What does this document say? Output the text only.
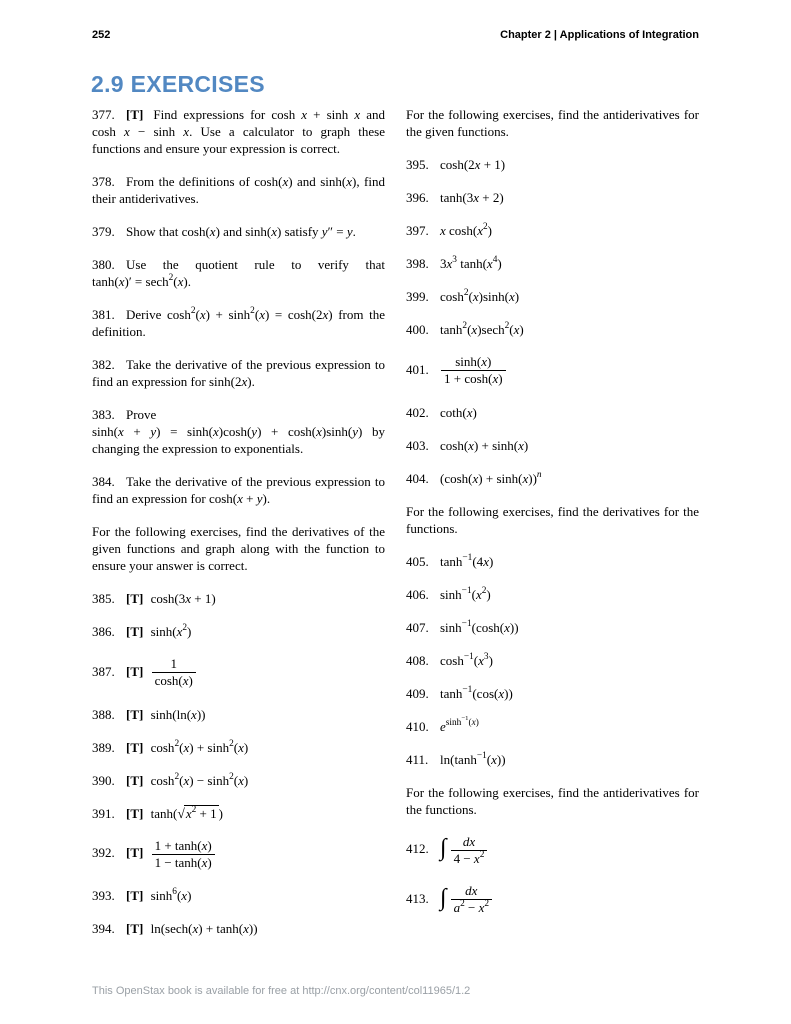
252	Chapter 2 | Applications of Integration
2.9 EXERCISES
377. [T] Find expressions for cosh x + sinh x and cosh x − sinh x. Use a calculator to graph these functions and ensure your expression is correct.
378. From the definitions of cosh(x) and sinh(x), find their antiderivatives.
379. Show that cosh(x) and sinh(x) satisfy y″ = y.
380. Use the quotient rule to verify that tanh(x)′ = sech$^2$(x).
381. Derive $\cosh^2(x) + \sinh^2(x) = \cosh(2x)$ from the definition.
382. Take the derivative of the previous expression to find an expression for sinh(2x).
383. Prove sinh(x + y) = sinh(x)cosh(y) + cosh(x)sinh(y) by changing the expression to exponentials.
384. Take the derivative of the previous expression to find an expression for cosh(x + y).
For the following exercises, find the derivatives of the given functions and graph along with the function to ensure your answer is correct.
385. [T] cosh(3x + 1)
386. [T] $\sinh(x^2)$
387. $[T] \frac{1}{\cosh(x)}$
388. [T] sinh(ln(x))
389. [T] $\cosh^2(x) + \sinh^2(x)$
390. [T] $\cosh^2(x) - \sinh^2(x)$
391. [T] $\tanh(√x^2 + 1$ )
392. $[T] \frac{1 + \tanh(x)}{1 - \tanh(x)}$
393. [T] $\sinh^6(x)$
394. [T] ln(sech(x) + tanh(x))
For the following exercises, find the antiderivatives for the given functions.
395. cosh(2x + 1)
396. tanh(3x + 2)
397. x $\cosh(x^2)$
398. $3x^3$ $\tanh(x^4)$
399. $\cosh^2(x)\sinh(x)$
400. $\tanh^2(x)\sec h^2(x)$
401. $\frac{\sinh(x)}{1 + \cosh(x)}$
402. coth(x)
403. cosh(x) + sinh(x)
404. $(\cosh(x) + \sinh(x))^n$
For the following exercises, find the derivatives for the functions.
405. $\tanh^{-1}(4x)$
406. $\sinh^{-1}(x^2)$
407. $\sinh^{-1}(\cosh(x))$
408. $\cosh^{-1}(x^3)$
409. $\tanh^{-1}(\cos(x))$
410. $e^{sinh^{-1}(x)}$
411. $\ln(\tanh^{-1}(x))$
For the following exercises, find the antiderivatives for the functions.
412. ∫ $\frac{dx}{4 - x^2}$
413. ∫ $\frac{dx}{a^2 - x^2}$
This OpenStax book is available for free at http://cnx.org/content/col11965/1.2
